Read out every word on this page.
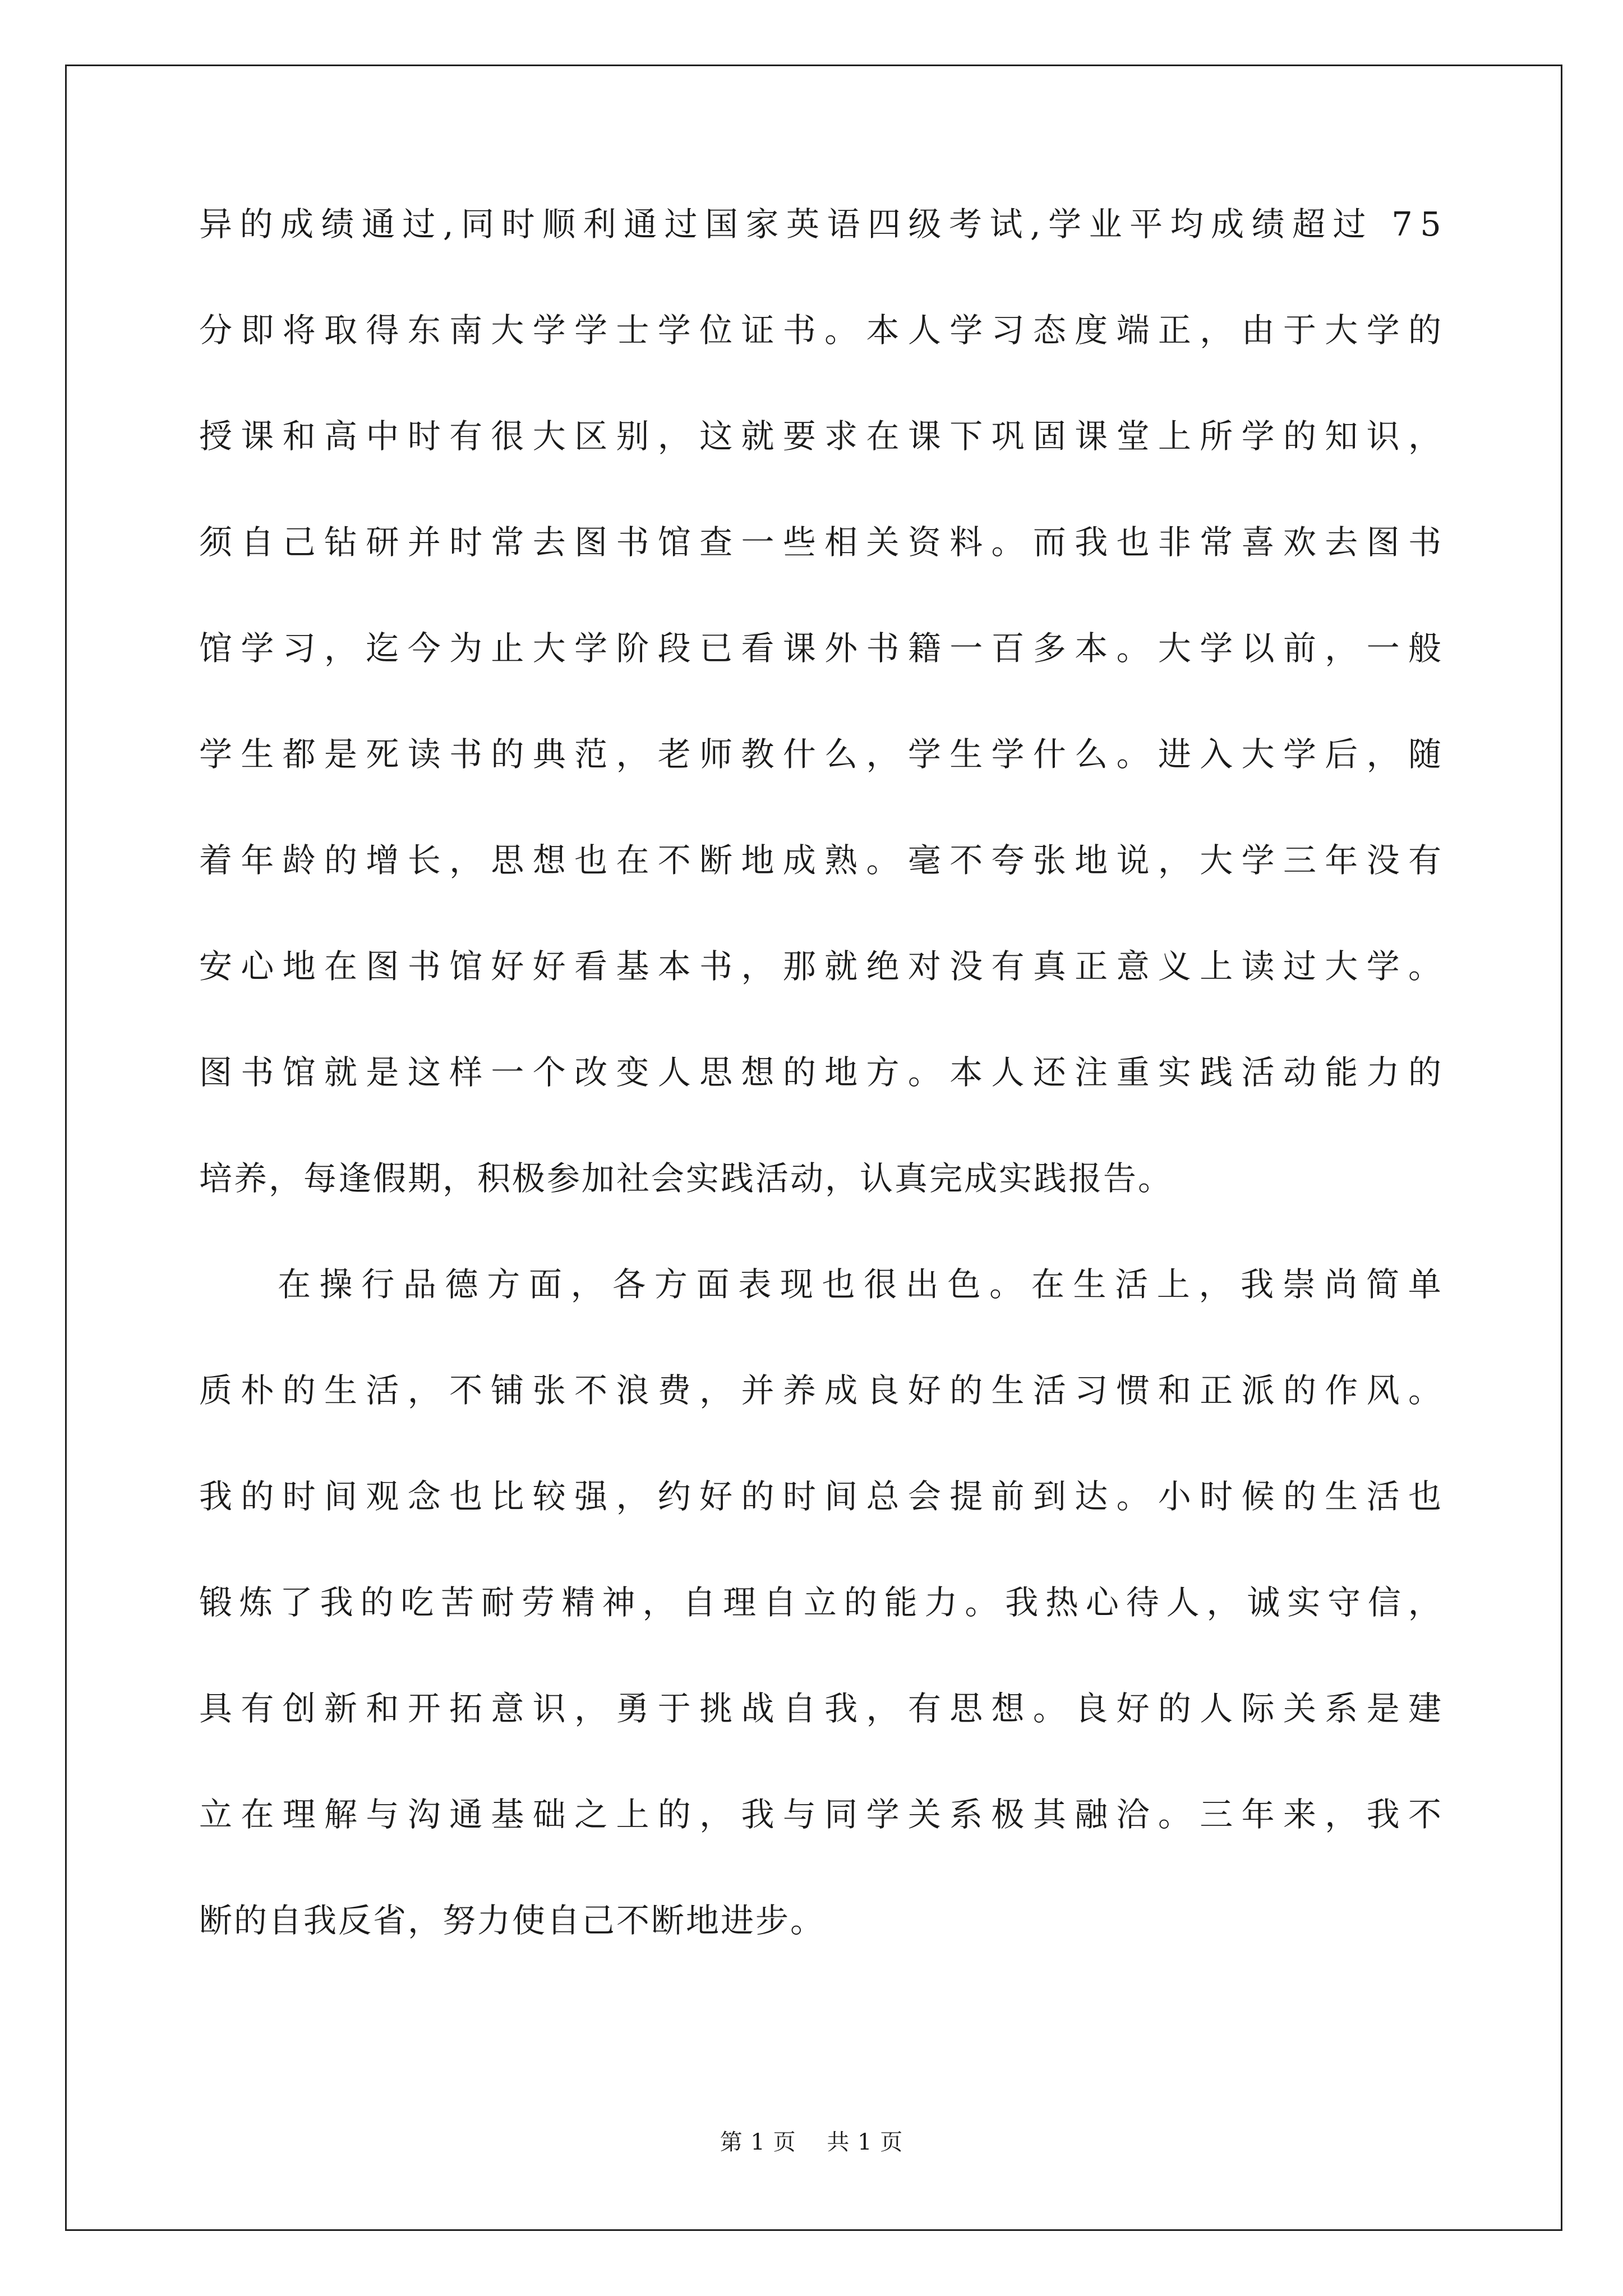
异 的 成 绩 通 过 , 同 时 顺 利 通 过 国 家 英 语 四 级 考 试 , 学 业 平 均 成 绩 超 过
7 5
分 即 将 取 得 东 南 大 学 学 士 学 位 证 书 。 本 人 学 习 态 度 端 正 ， 由 于 大 学 的
授 课 和 高 中 时 有 很 大 区 别 ， 这 就 要 求 在 课 下 巩 固 课 堂 上 所 学 的 知 识 ，
须 自 己 钻 研 并 时 常 去 图 书 馆 查 一 些 相 关 资 料 。 而 我 也 非 常 喜 欢 去 图 书
馆 学 习 ， 迄 今 为 止 大 学 阶 段 已 看 课 外 书 籍 一 百 多 本 。 大 学 以 前 ， 一 般
学 生 都 是 死 读 书 的 典 范 ， 老 师 教 什 么 ， 学 生 学 什 么 。 进 入 大 学 后 ， 随
着 年 龄 的 增 长 ， 思 想 也 在 不 断 地 成 熟 。 毫 不 夸 张 地 说 ， 大 学 三 年 没 有
安 心 地 在 图 书 馆 好 好 看 基 本 书 ， 那 就 绝 对 没 有 真 正 意 义 上 读 过 大 学 。
图 书 馆 就 是 这 样 一 个 改 变 人 思 想 的 地 方 。 本 人 还 注 重 实 践 活 动 能 力 的
培养，每逢假期，积极参加社会实践活动，认真完成实践报告。
在 操 行 品 德 方 面 ， 各 方 面 表 现 也 很 出 色 。 在 生 活 上 ， 我 崇 尚 简 单
质 朴 的 生 活 ， 不 铺 张 不 浪 费 ， 并 养 成 良 好 的 生 活 习 惯 和 正 派 的 作 风 。
我 的 时 间 观 念 也 比 较 强 ， 约 好 的 时 间 总 会 提 前 到 达 。 小 时 候 的 生 活 也
锻 炼 了 我 的 吃 苦 耐 劳 精 神 ， 自 理 自 立 的 能 力 。 我 热 心 待 人 ， 诚 实 守 信 ，
具 有 创 新 和 开 拓 意 识 ， 勇 于 挑 战 自 我 ， 有 思 想 。 良 好 的 人 际 关 系 是 建
立 在 理 解 与 沟 通 基 础 之 上 的 ， 我 与 同 学 关 系 极 其 融 洽 。 三 年 来 ， 我 不
断的自我反省，努力使自己不断地进步。
第 1 页    共 1 页
